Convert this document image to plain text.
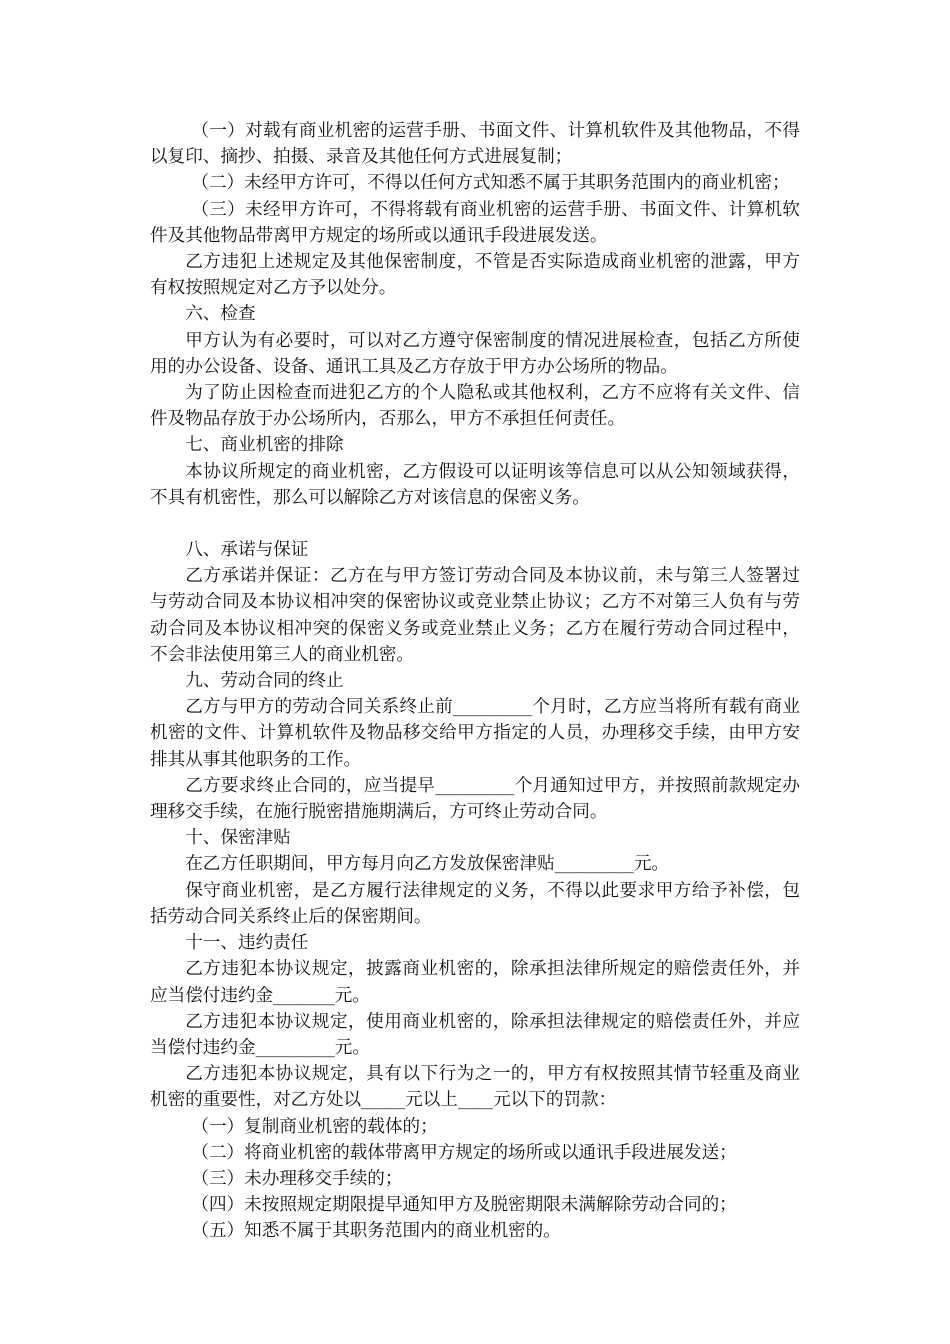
（一）对载有商业机密的运营手册、书面文件、计算机软件及其他物品，不得以复印、摘抄、拍摄、录音及其他任何方式进展复制；

（二）未经甲方许可，不得以任何方式知悉不属于其职务范围内的商业机密；

（三）未经甲方许可，不得将载有商业机密的运营手册、书面文件、计算机软件及其他物品带离甲方规定的场所或以通讯手段进展发送。

乙方违犯上述规定及其他保密制度，不管是否实际造成商业机密的泄露，甲方有权按照规定对乙方予以处分。

六、检查

甲方认为有必要时，可以对乙方遵守保密制度的情况进展检查，包括乙方所使用的办公设备、设备、通讯工具及乙方存放于甲方办公场所的物品。

为了防止因检查而进犯乙方的个人隐私或其他权利，乙方不应将有关文件、信件及物品存放于办公场所内，否那么，甲方不承担任何责任。

七、商业机密的排除

本协议所规定的商业机密，乙方假设可以证明该等信息可以从公知领域获得，不具有机密性，那么可以解除乙方对该信息的保密义务。

八、承诺与保证

乙方承诺并保证：乙方在与甲方签订劳动合同及本协议前，未与第三人签署过与劳动合同及本协议相冲突的保密协议或竞业禁止协议；乙方不对第三人负有与劳动合同及本协议相冲突的保密义务或竞业禁止义务；乙方在履行劳动合同过程中，不会非法使用第三人的商业机密。

九、劳动合同的终止

乙方与甲方的劳动合同关系终止前_________个月时，乙方应当将所有载有商业机密的文件、计算机软件及物品移交给甲方指定的人员，办理移交手续，由甲方安排其从事其他职务的工作。

乙方要求终止合同的，应当提早_________个月通知过甲方，并按照前款规定办理移交手续，在施行脱密措施期满后，方可终止劳动合同。

十、保密津贴

在乙方任职期间，甲方每月向乙方发放保密津贴_________元。

保守商业机密，是乙方履行法律规定的义务，不得以此要求甲方给予补偿，包括劳动合同关系终止后的保密期间。

十一、违约责任

乙方违犯本协议规定，披露商业机密的，除承担法律所规定的赔偿责任外，并应当偿付违约金_______元。

乙方违犯本协议规定，使用商业机密的，除承担法律规定的赔偿责任外，并应当偿付违约金_________元。

乙方违犯本协议规定，具有以下行为之一的，甲方有权按照其情节轻重及商业机密的重要性，对乙方处以_____元以上____元以下的罚款：

（一）复制商业机密的载体的；

（二）将商业机密的载体带离甲方规定的场所或以通讯手段进展发送；

（三）未办理移交手续的；

（四）未按照规定期限提早通知甲方及脱密期限未满解除劳动合同的；

（五）知悉不属于其职务范围内的商业机密的。
